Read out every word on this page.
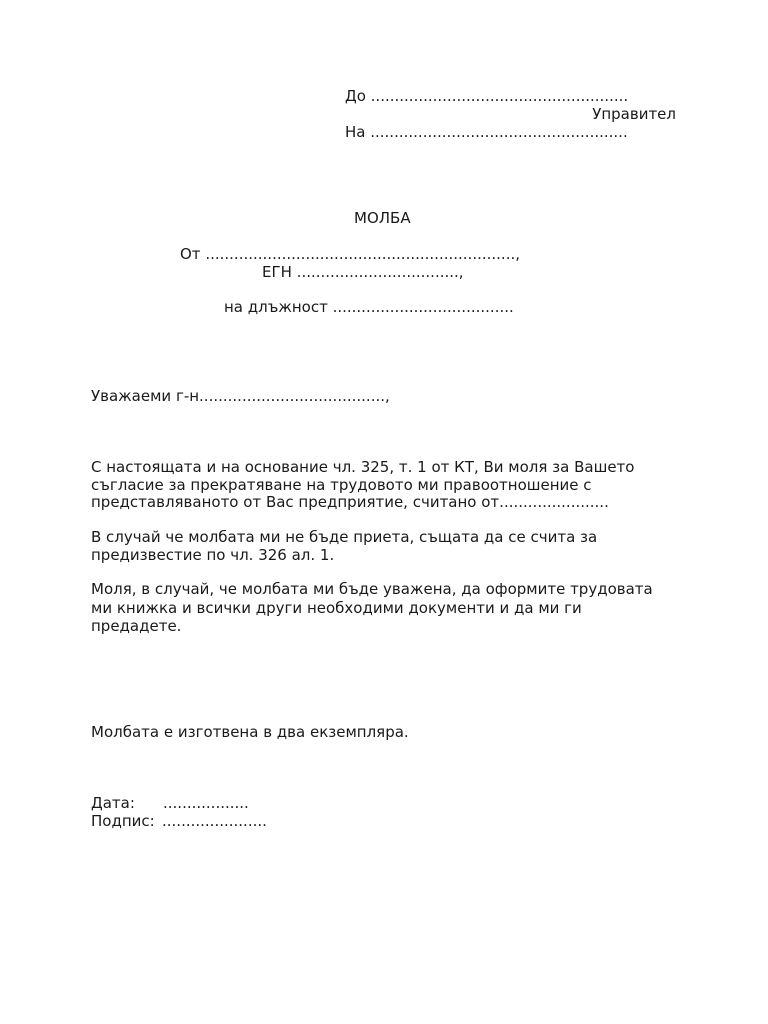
До ......................................................
Управител
На ......................................................
МОЛБА
От .................................................................,
ЕГН ..................................,
на длъжност ......................................
Уважаеми г-н.......................................,
С настоящата и на основание чл. 325, т. 1 от КТ, Ви моля за Вашето
съгласие за прекратяване на трудовото ми правоотношение с
представляваното от Вас предприятие, считано от.......................
В случай че молбата ми не бъде приета, същата да се счита за
предизвестие по чл. 326 ал. 1.
Моля, в случай, че молбата ми бъде уважена, да оформите трудовата
ми книжка и всички други необходими документи и да ми ги
предадете.
Молбата е изготвена в два екземпляра.
Дата: ..................
Подпис: ......................
